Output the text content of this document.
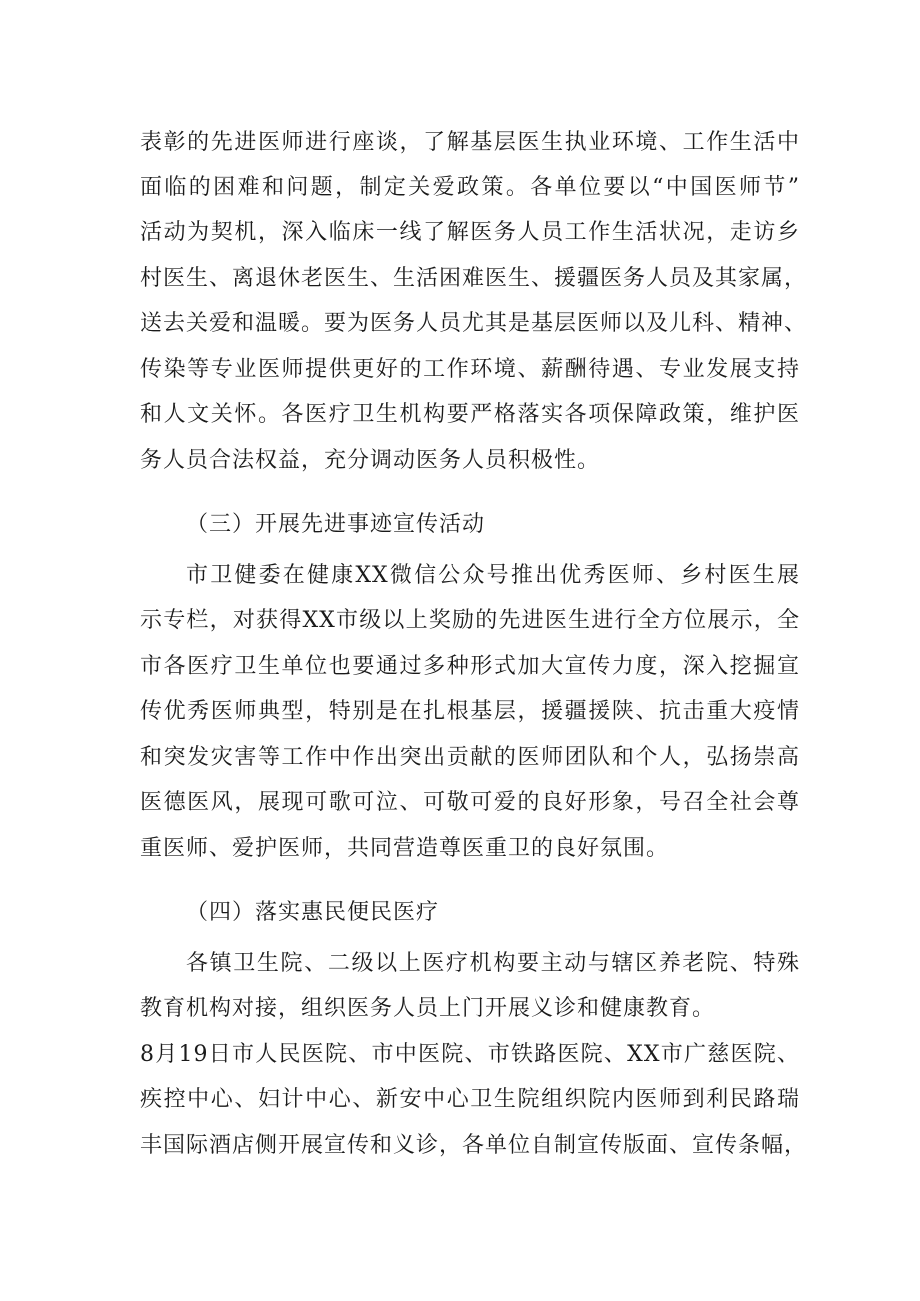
表彰的先进医师进行座谈，了解基层医生执业环境、工作生活中
面临的困难和问题，制定关爱政策。各单位要以“中国医师节”
活动为契机，深入临床一线了解医务人员工作生活状况，走访乡
村医生、离退休老医生、生活困难医生、援疆医务人员及其家属，
送去关爱和温暖。要为医务人员尤其是基层医师以及儿科、精神、
传染等专业医师提供更好的工作环境、薪酬待遇、专业发展支持
和人文关怀。各医疗卫生机构要严格落实各项保障政策，维护医
务人员合法权益，充分调动医务人员积极性。
（三）开展先进事迹宣传活动
市卫健委在健康XX微信公众号推出优秀医师、乡村医生展
示专栏，对获得XX市级以上奖励的先进医生进行全方位展示，全
市各医疗卫生单位也要通过多种形式加大宣传力度，深入挖掘宣
传优秀医师典型，特别是在扎根基层，援疆援陕、抗击重大疫情
和突发灾害等工作中作出突出贡献的医师团队和个人，弘扬崇高
医德医风，展现可歌可泣、可敬可爱的良好形象，号召全社会尊
重医师、爱护医师，共同营造尊医重卫的良好氛围。
（四）落实惠民便民医疗
各镇卫生院、二级以上医疗机构要主动与辖区养老院、特殊
教育机构对接，组织医务人员上门开展义诊和健康教育。
8月19日市人民医院、市中医院、市铁路医院、XX市广慈医院、
疾控中心、妇计中心、新安中心卫生院组织院内医师到利民路瑞
丰国际酒店侧开展宣传和义诊，各单位自制宣传版面、宣传条幅，
